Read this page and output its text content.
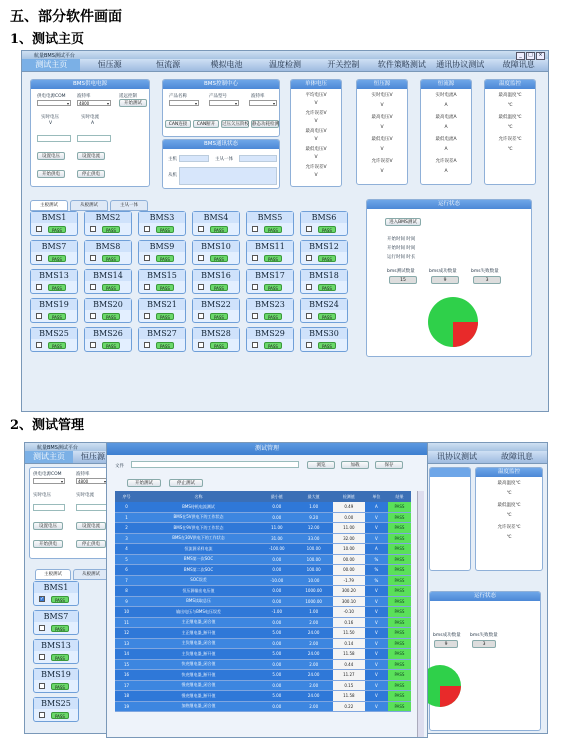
五、部分软件画面
1、测试主页
2、测试管理
航量BMS测试平台	_	□	×
测试主页	恒压源	恒流源	模拟电池	温度检测	开关控制	软件策略测试	通讯协议测试	故障讯息
BMS供电电源
供电电源COM	波特率	遥远控制
▾
4800 ▾	开始测试
实时电压	实时电流
V	A
设置电压	设置电流
开始供电	停止供电
BMS控制中心
产品名称	产品型号	波特率
▾
▾
▾
CAN连接	CAN断开	过压欠压阶校 静态功耗检测
BMS通讯状态
主机	主从一体
从机
单体电压
平均电压V
V
允许误差V
V
最高电压V
V
最低电压V
V
允许误差V
V
恒压源
实时电压V
V
最高电压V
V
最低电压V
V
允许误差V
V
恒流源
实时电流A
A
最高电流A
A
最低电流A
A
允许误差A
A
温度监控
最高温度℃
℃
最低温度℃
℃
允许误差℃
℃
主板测试	从板测试	主从一体
BMS1
PASS
BMS2
PASS
BMS3
PASS
BMS4
PASS
BMS5
PASS
BMS6
PASS
BMS7
PASS
BMS8
PASS
BMS9
PASS
BMS10
PASS
BMS11
PASS
BMS12
PASS
BMS13
PASS
BMS14
PASS
BMS15
PASS
BMS16
PASS
BMS17
PASS
BMS18
PASS
BMS19
PASS
BMS20
PASS
BMS21
PASS
BMS22
PASS
BMS23
PASS
BMS24
PASS
BMS25
PASS
BMS26
PASS
BMS27
PASS
BMS28
PASS
BMS29
PASS
BMS30
PASS
运行状态
进入BMS测试
开始时间 时间
开始时间 时间
运行时间 时长
bms测试数量	bms成功数量	bms失败数量
15	9	3
航量BMS测试平台
测试主页	恒压源
供电电源COM	波特率
▾
4800 ▾
实时电压	实时电流
设置电压	设置电流
开始供电	停止供电
主板测试	从板测试
BMS1
✓	PASS
BMS7
PASS
BMS13
PASS
BMS19
PASS
BMS25
PASS
讯协议测试	故障讯息
温度监控
最高温度℃
℃
最低温度℃
℃
允许误差℃
℃
运行状态
bms成功数量 bms失败数量
9	3
测试管理
文件	浏览	加载	保存
开始测试	停止测试
序号	名称	最小值	最大值	检测值	单位	结果
0	BMS待机电流测试	0.00	1.00	0.49	A	PASS
1	BMS在5V供电下的工作状态	0.00	9.20	0.00	V	PASS
2	BMS在9V供电下的工作状态	11.00	12.00	11.00	V	PASS
3	BMS在30V供电下的工作状态	31.00	33.00	32.00	V	PASS
4	恒流源采样电流	-100.00	100.00	10.00	A	PASS
5	BMS第一次SOC	0.00	100.00	00.00	%	PASS
6	BMS第二次SOC	0.00	100.00	00.00	%	PASS
7	SOC误差	-10.00	10.00	-1.79	%	PASS
8	恒压源输出电压值	0.00	1000.00	300.20	V	PASS
9	BMS读取总压	0.00	1000.00	300.10	V	PASS
10	输出电压与BMS电压误差	-1.00	1.00	-0.10	V	PASS
11	主正继电器_闭合值	0.00	2.00	0.16	V	PASS
12	主正继电器_断开值	5.00	24.00	11.50	V	PASS
13	主负继电器_闭合值	0.00	2.00	0.14	V	PASS
14	主负继电器_断开值	5.00	24.00	11.58	V	PASS
15	快充继电器_闭合值	0.00	2.00	0.44	V	PASS
16	快充继电器_断开值	5.00	24.00	11.27	V	PASS
17	慢充继电器_闭合值	0.00	2.00	0.15	V	PASS
18	慢充继电器_断开值	5.00	24.00	11.58	V	PASS
19	加热继电器_闭合值	0.00	2.00	0.22	V	PASS
